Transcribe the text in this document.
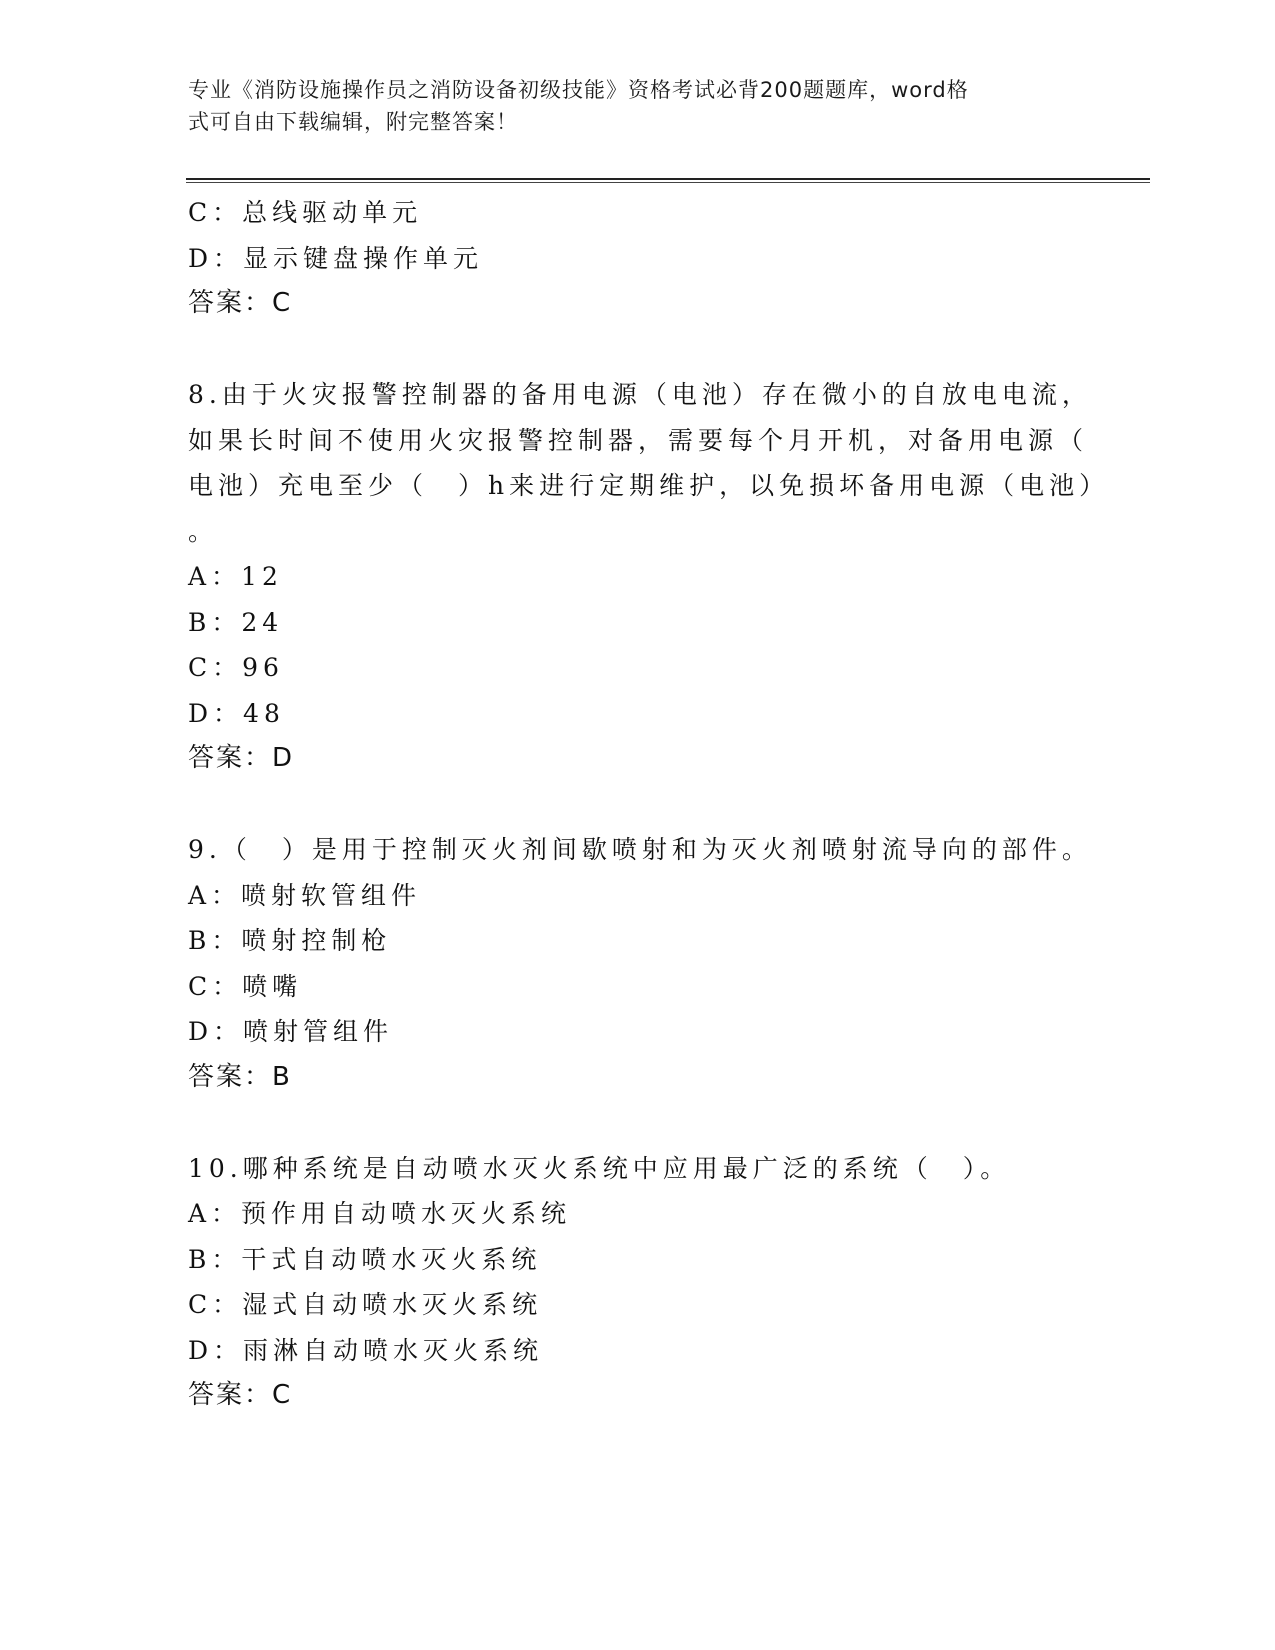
专业《消防设施操作员之消防设备初级技能》资格考试必背200题题库，word格
式可自由下载编辑，附完整答案！
C：总线驱动单元
D：显示键盘操作单元
答案：C
8.由于火灾报警控制器的备用电源（电池）存在微小的自放电电流，
如果长时间不使用火灾报警控制器，需要每个月开机，对备用电源（
电池）充电至少（　）h来进行定期维护，以免损坏备用电源（电池）
。
A：12
B：24
C：96
D：48
答案：D
9.（　）是用于控制灭火剂间歇喷射和为灭火剂喷射流导向的部件。
A：喷射软管组件
B：喷射控制枪
C：喷嘴
D：喷射管组件
答案：B
10.哪种系统是自动喷水灭火系统中应用最广泛的系统（　）。
A：预作用自动喷水灭火系统
B：干式自动喷水灭火系统
C：湿式自动喷水灭火系统
D：雨淋自动喷水灭火系统
答案：C
